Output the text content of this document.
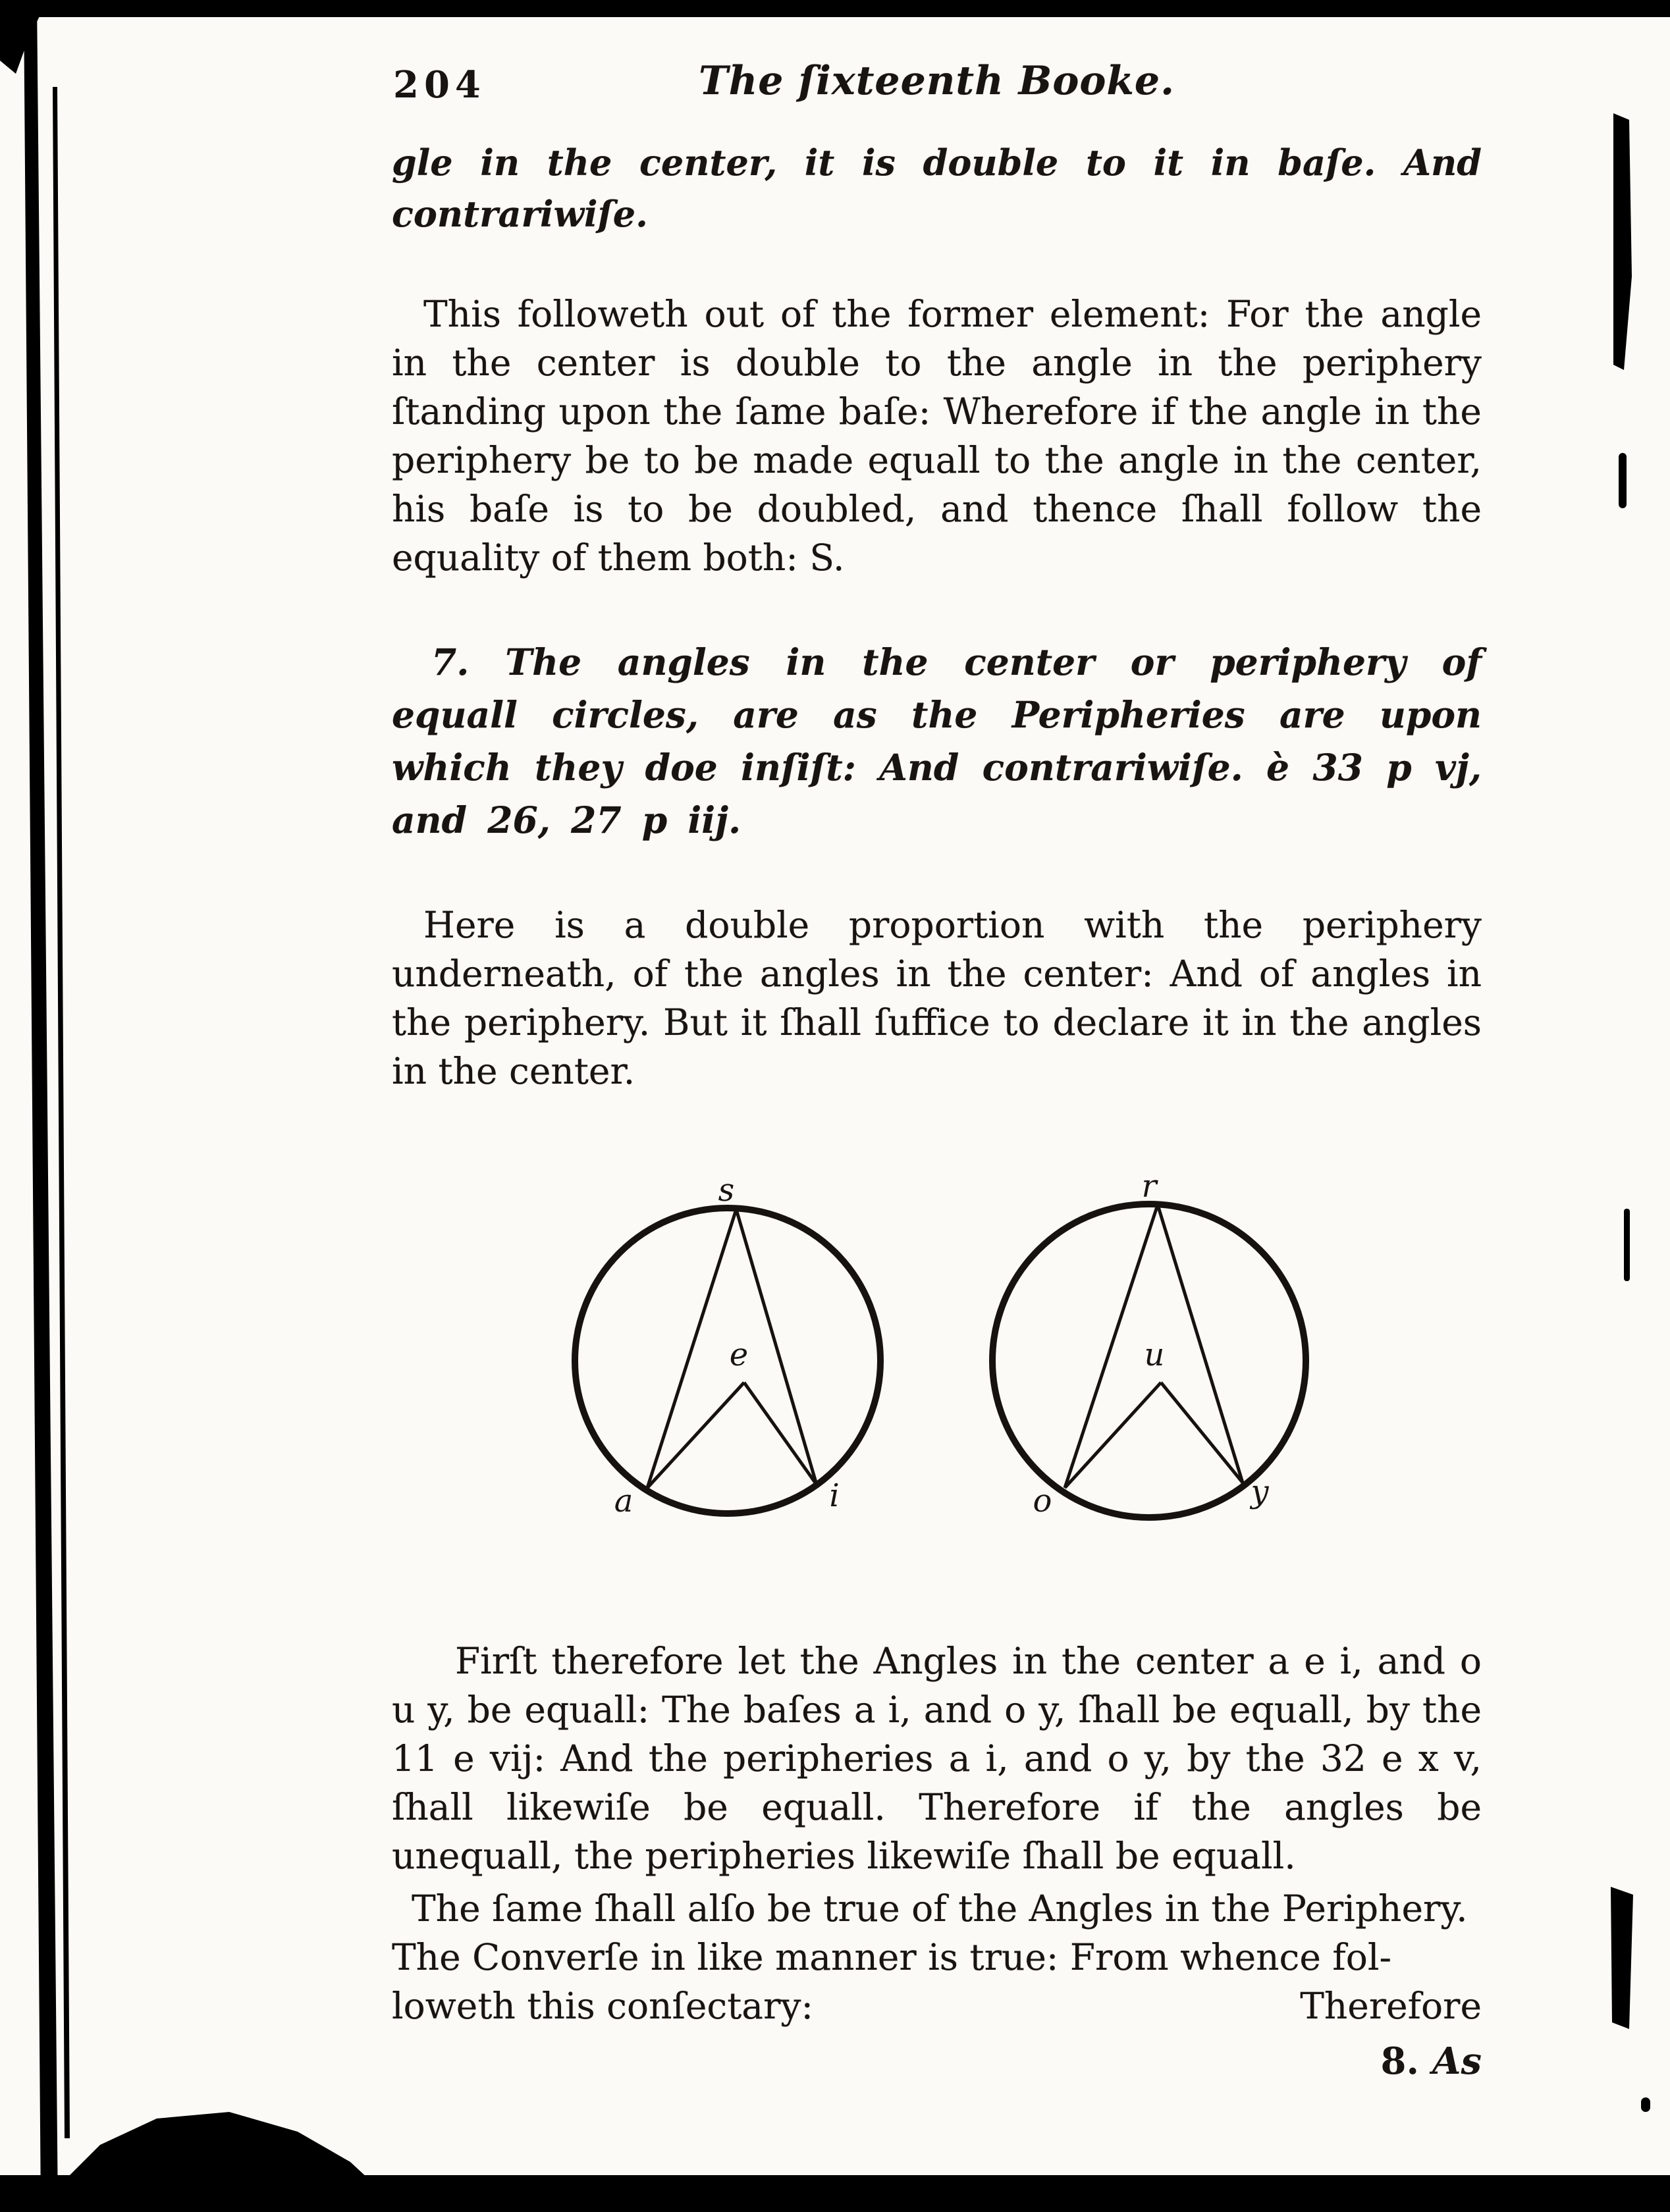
204	The ſixteenth Booke.

gle in the center, it is double to it in baſe. And contrariwiſe.

This followeth out of the former element: For the angle in the center is double to the angle in the periphery ſtanding upon the ſame baſe: Wherefore if the angle in the periphery be to be made equall to the angle in the center, his baſe is to be doubled, and thence ſhall follow the equality of them both: S.

7. The angles in the center or periphery of equall circles, are as the Peripheries are upon which they doe inſiſt: And contrariwiſe. è 33 p vj, and 26, 27 p iij.

Here is a double proportion with the periphery underneath, of the angles in the center: And of angles in the periphery. But it ſhall ſuffice to declare it in the angles in the center.

s
e
a	i
r
u
o	y

Firſt therefore let the Angles in the center a e i, and o u y, be equall: The baſes a i, and o y, ſhall be equall, by the 11 e vij: And the peripheries a i, and o y, by the 32 e x v, ſhall likewiſe be equall. Therefore if the angles be unequall, the peripheries likewiſe ſhall be equall.

The ſame ſhall alſo be true of the Angles in the Periphery.
The Converſe in like manner is true: From whence fol-
loweth this conſectary:	Therefore
8. As
